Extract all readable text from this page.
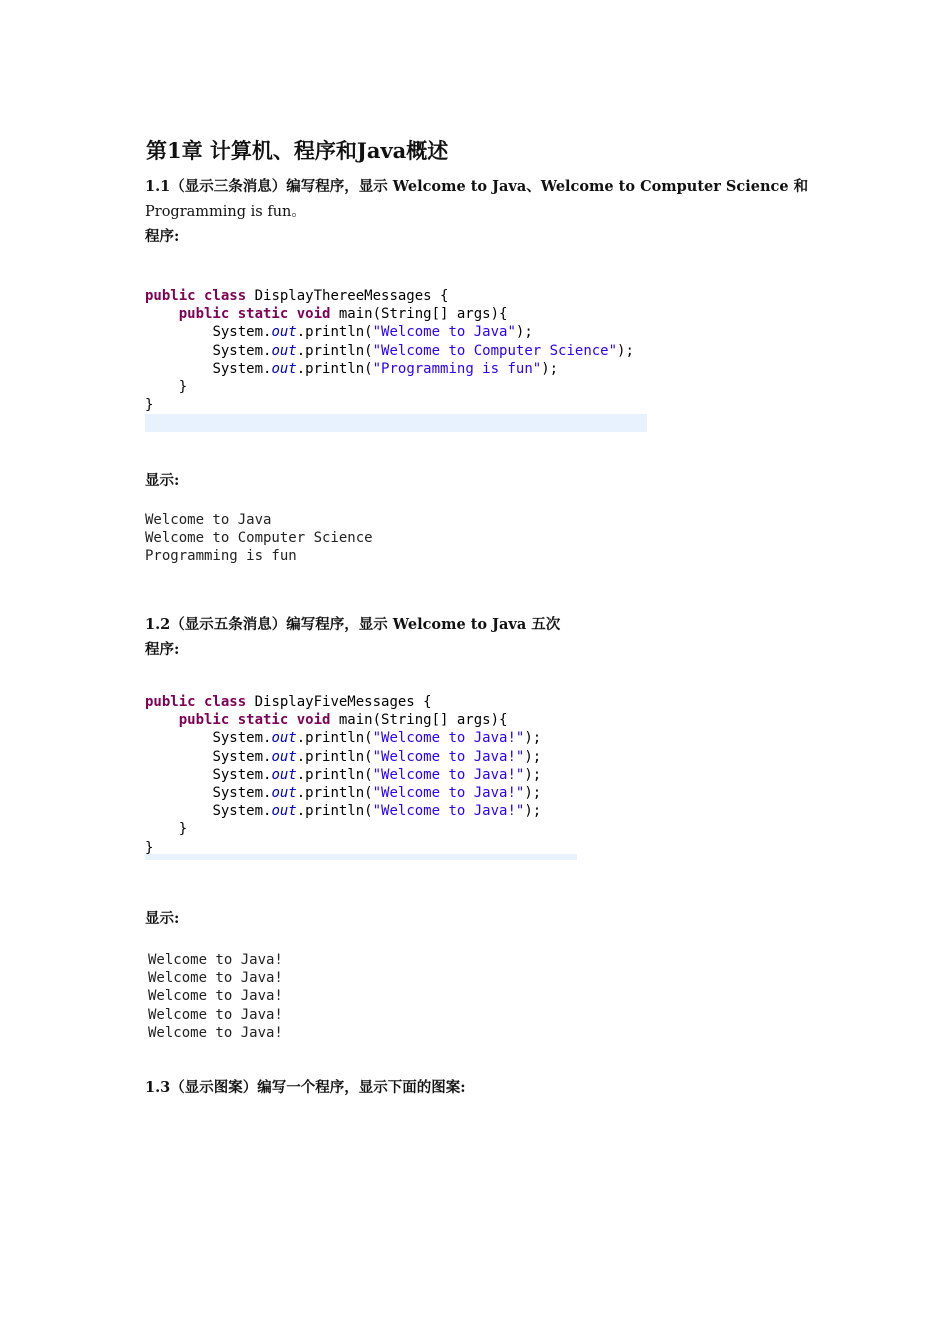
第1章 计算机、程序和Java概述
1.1（显示三条消息）编写程序，显示 Welcome to Java、Welcome to Computer Science 和
Programming is fun。
程序:
public class DisplayThereeMessages {
public static void main(String[] args){
System.out.println("Welcome to Java");
System.out.println("Welcome to Computer Science");
System.out.println("Programming is fun");
}
}
显示:
Welcome to Java
Welcome to Computer Science
Programming is fun
1.2（显示五条消息）编写程序，显示 Welcome to Java 五次
程序:
public class DisplayFiveMessages {
public static void main(String[] args){
System.out.println("Welcome to Java!");
System.out.println("Welcome to Java!");
System.out.println("Welcome to Java!");
System.out.println("Welcome to Java!");
System.out.println("Welcome to Java!");
}
}
显示:
Welcome to Java!
Welcome to Java!
Welcome to Java!
Welcome to Java!
Welcome to Java!
1.3（显示图案）编写一个程序，显示下面的图案:
